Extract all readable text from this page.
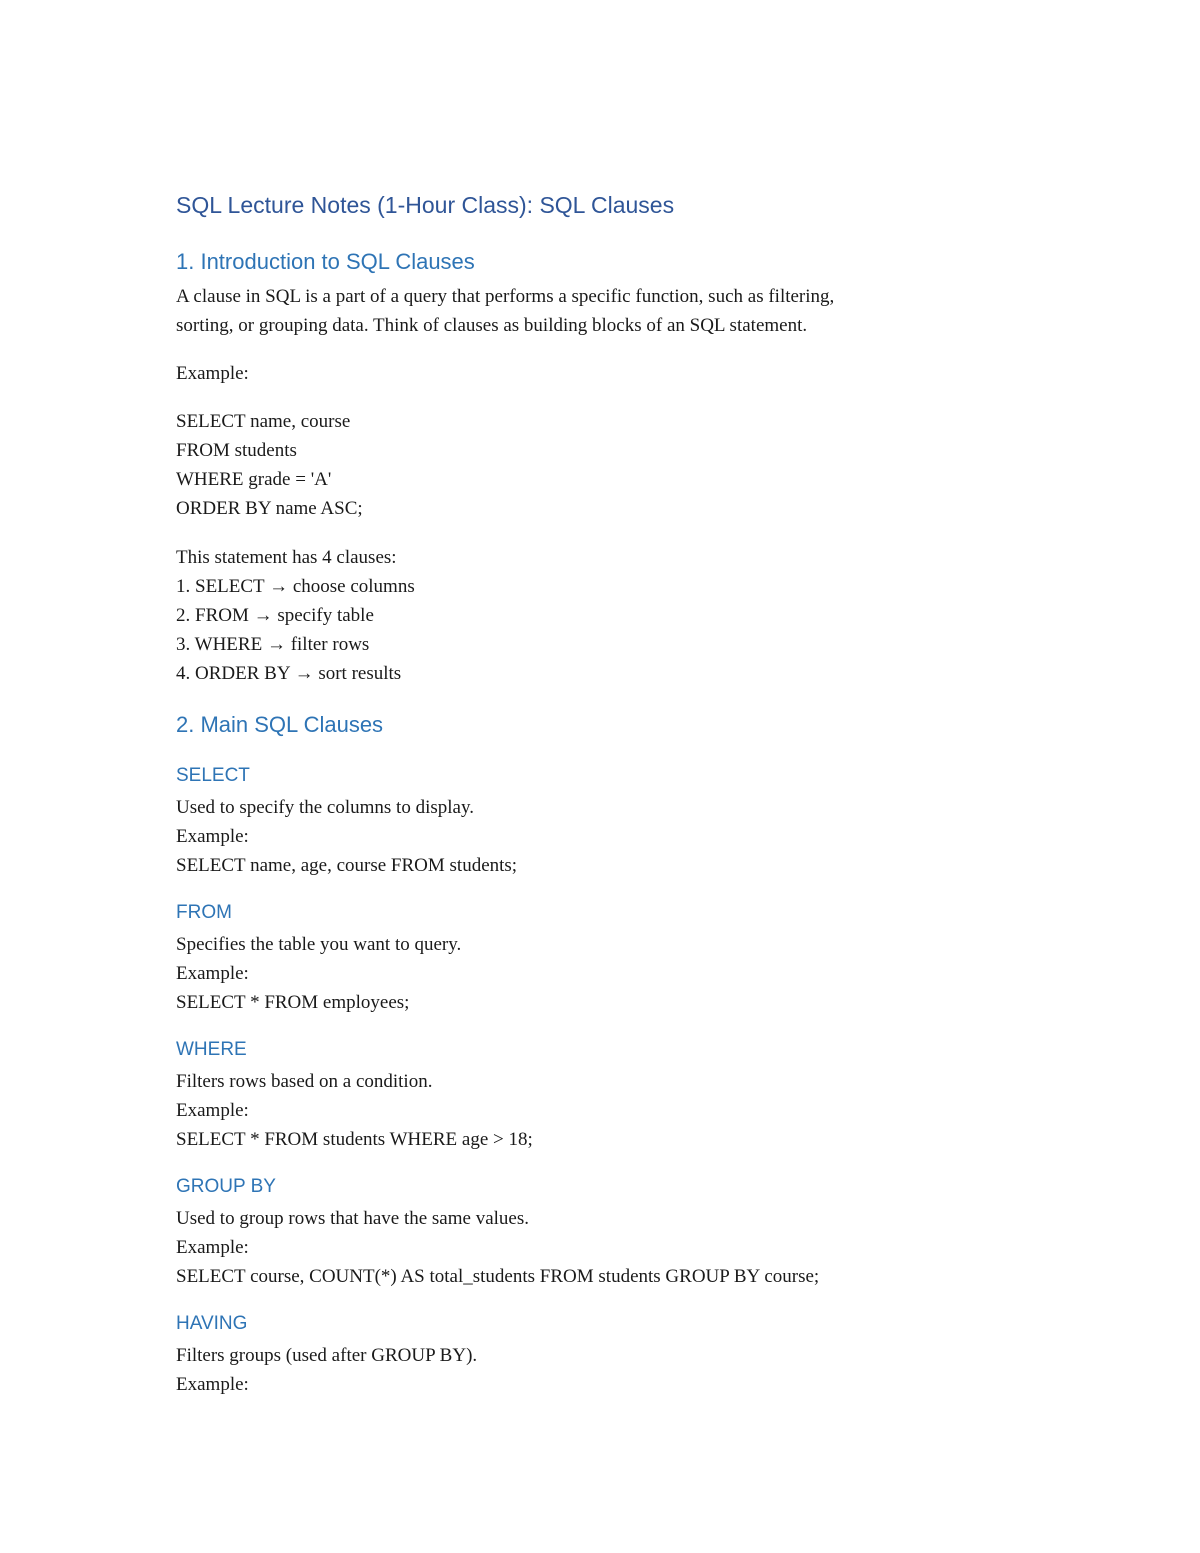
SQL Lecture Notes (1-Hour Class): SQL Clauses
1. Introduction to SQL Clauses
A clause in SQL is a part of a query that performs a specific function, such as filtering,
sorting, or grouping data. Think of clauses as building blocks of an SQL statement.
Example:
SELECT name, course
FROM students
WHERE grade = 'A'
ORDER BY name ASC;
This statement has 4 clauses:
1. SELECT → choose columns
2. FROM → specify table
3. WHERE → filter rows
4. ORDER BY → sort results
2. Main SQL Clauses
SELECT
Used to specify the columns to display.
Example:
SELECT name, age, course FROM students;
FROM
Specifies the table you want to query.
Example:
SELECT * FROM employees;
WHERE
Filters rows based on a condition.
Example:
SELECT * FROM students WHERE age > 18;
GROUP BY
Used to group rows that have the same values.
Example:
SELECT course, COUNT(*) AS total_students FROM students GROUP BY course;
HAVING
Filters groups (used after GROUP BY).
Example:
